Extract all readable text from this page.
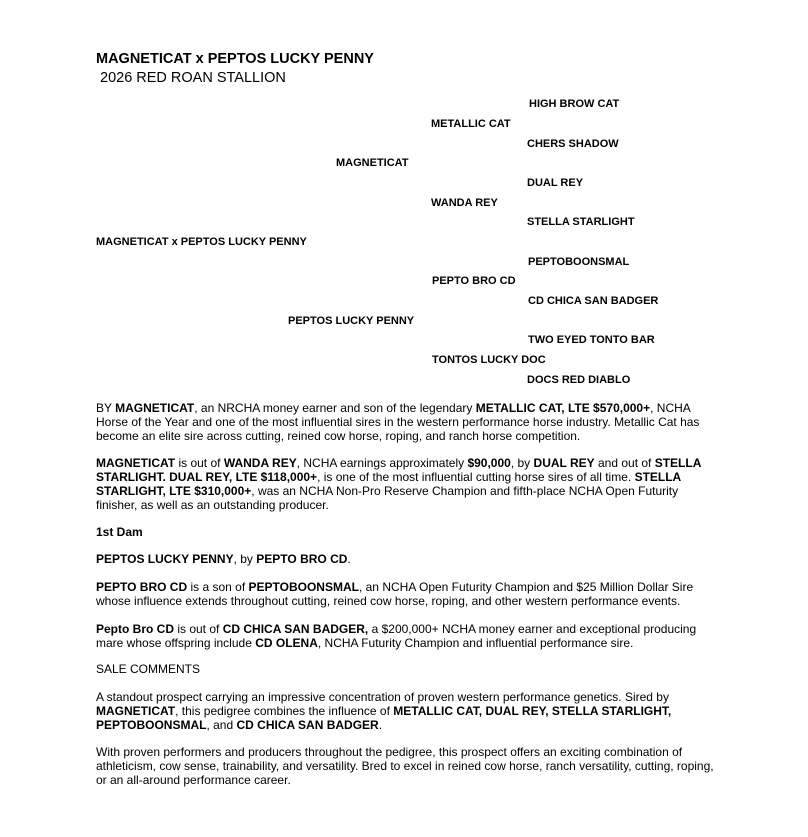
MAGNETICAT x PEPTOS LUCKY PENNY
2026 RED ROAN STALLION
HIGH BROW CAT
METALLIC CAT
CHERS SHADOW
MAGNETICAT
DUAL REY
WANDA REY
STELLA STARLIGHT
MAGNETICAT x PEPTOS LUCKY PENNY
PEPTOBOONSMAL
PEPTO BRO CD
CD CHICA SAN BADGER
PEPTOS LUCKY PENNY
TWO EYED TONTO BAR
TONTOS LUCKY DOC
DOCS RED DIABLO

BY MAGNETICAT, an NRCHA money earner and son of the legendary METALLIC CAT, LTE $570,000+, NCHA Horse of the Year and one of the most influential sires in the western performance horse industry. Metallic Cat has become an elite sire across cutting, reined cow horse, roping, and ranch horse competition.

MAGNETICAT is out of WANDA REY, NCHA earnings approximately $90,000, by DUAL REY and out of STELLA STARLIGHT. DUAL REY, LTE $118,000+, is one of the most influential cutting horse sires of all time. STELLA STARLIGHT, LTE $310,000+, was an NCHA Non-Pro Reserve Champion and fifth-place NCHA Open Futurity finisher, as well as an outstanding producer.

1st Dam

PEPTOS LUCKY PENNY, by PEPTO BRO CD.

PEPTO BRO CD is a son of PEPTOBOONSMAL, an NCHA Open Futurity Champion and $25 Million Dollar Sire whose influence extends throughout cutting, reined cow horse, roping, and other western performance events.

Pepto Bro CD is out of CD CHICA SAN BADGER, a $200,000+ NCHA money earner and exceptional producing mare whose offspring include CD OLENA, NCHA Futurity Champion and influential performance sire.

SALE COMMENTS

A standout prospect carrying an impressive concentration of proven western performance genetics. Sired by MAGNETICAT, this pedigree combines the influence of METALLIC CAT, DUAL REY, STELLA STARLIGHT, PEPTOBOONSMAL, and CD CHICA SAN BADGER.

With proven performers and producers throughout the pedigree, this prospect offers an exciting combination of athleticism, cow sense, trainability, and versatility. Bred to excel in reined cow horse, ranch versatility, cutting, roping, or an all-around performance career.
